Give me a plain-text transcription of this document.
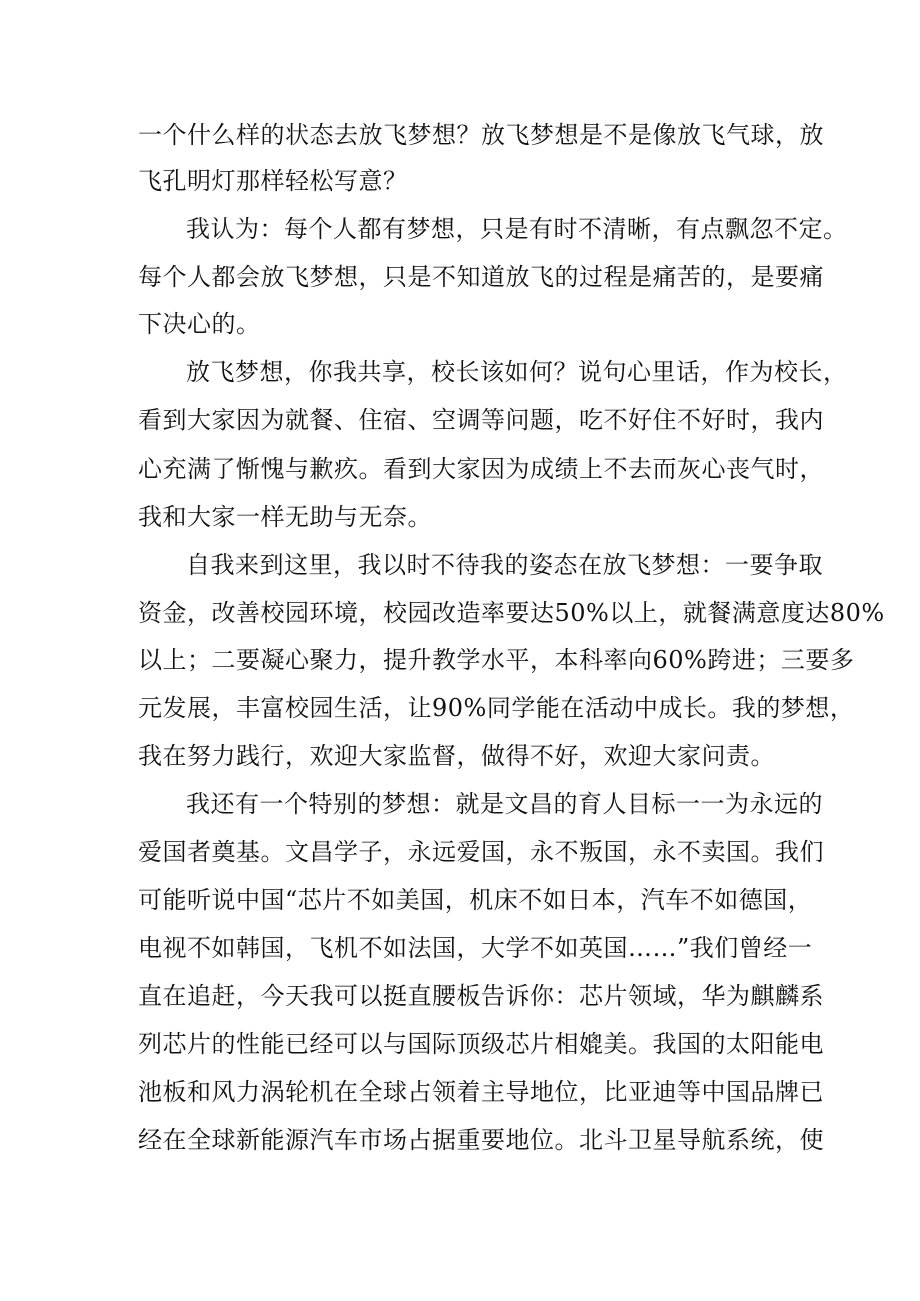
一个什么样的状态去放飞梦想？放飞梦想是不是像放飞气球，放
飞孔明灯那样轻松写意？
我认为：每个人都有梦想，只是有时不清晰，有点飘忽不定。
每个人都会放飞梦想，只是不知道放飞的过程是痛苦的，是要痛
下决心的。
放飞梦想，你我共享，校长该如何？说句心里话，作为校长，
看到大家因为就餐、住宿、空调等问题，吃不好住不好时，我内
心充满了惭愧与歉疚。看到大家因为成绩上不去而灰心丧气时，
我和大家一样无助与无奈。
自我来到这里，我以时不待我的姿态在放飞梦想：一要争取
资金，改善校园环境，校园改造率要达50%以上，就餐满意度达80%
以上；二要凝心聚力，提升教学水平，本科率向60%跨进；三要多
元发展，丰富校园生活，让90%同学能在活动中成长。我的梦想，
我在努力践行，欢迎大家监督，做得不好，欢迎大家问责。
我还有一个特别的梦想：就是文昌的育人目标一一为永远的
爱国者奠基。文昌学子，永远爱国，永不叛国，永不卖国。我们
可能听说中国“芯片不如美国，机床不如日本，汽车不如德国，
电视不如韩国，飞机不如法国，大学不如英国……”我们曾经一
直在追赶，今天我可以挺直腰板告诉你：芯片领域，华为麒麟系
列芯片的性能已经可以与国际顶级芯片相媲美。我国的太阳能电
池板和风力涡轮机在全球占领着主导地位，比亚迪等中国品牌已
经在全球新能源汽车市场占据重要地位。北斗卫星导航系统，使
